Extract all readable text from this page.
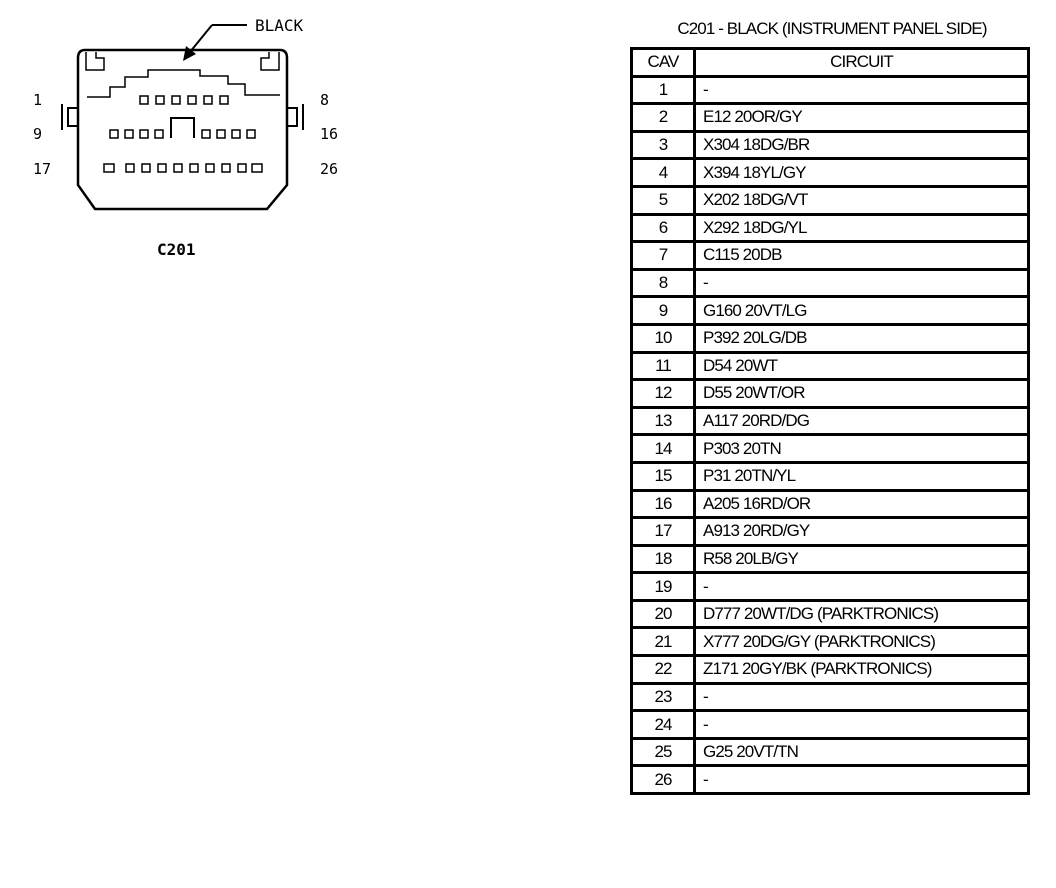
BLACK
1	8
9	16
17	26
C201
C201 - BLACK (INSTRUMENT PANEL SIDE)
CAV	CIRCUIT
1	-
2	E12 20OR/GY
3	X304 18DG/BR
4	X394 18YL/GY
5	X202 18DG/VT
6	X292 18DG/YL
7	C115 20DB
8	-
9	G160 20VT/LG
10	P392 20LG/DB
11	D54 20WT
12	D55 20WT/OR
13	A117 20RD/DG
14	P303 20TN
15	P31 20TN/YL
16	A205 16RD/OR
17	A913 20RD/GY
18	R58 20LB/GY
19	-
20	D777 20WT/DG (PARKTRONICS)
21	X777 20DG/GY (PARKTRONICS)
22	Z171 20GY/BK (PARKTRONICS)
23	-
24	-
25	G25 20VT/TN
26	-
